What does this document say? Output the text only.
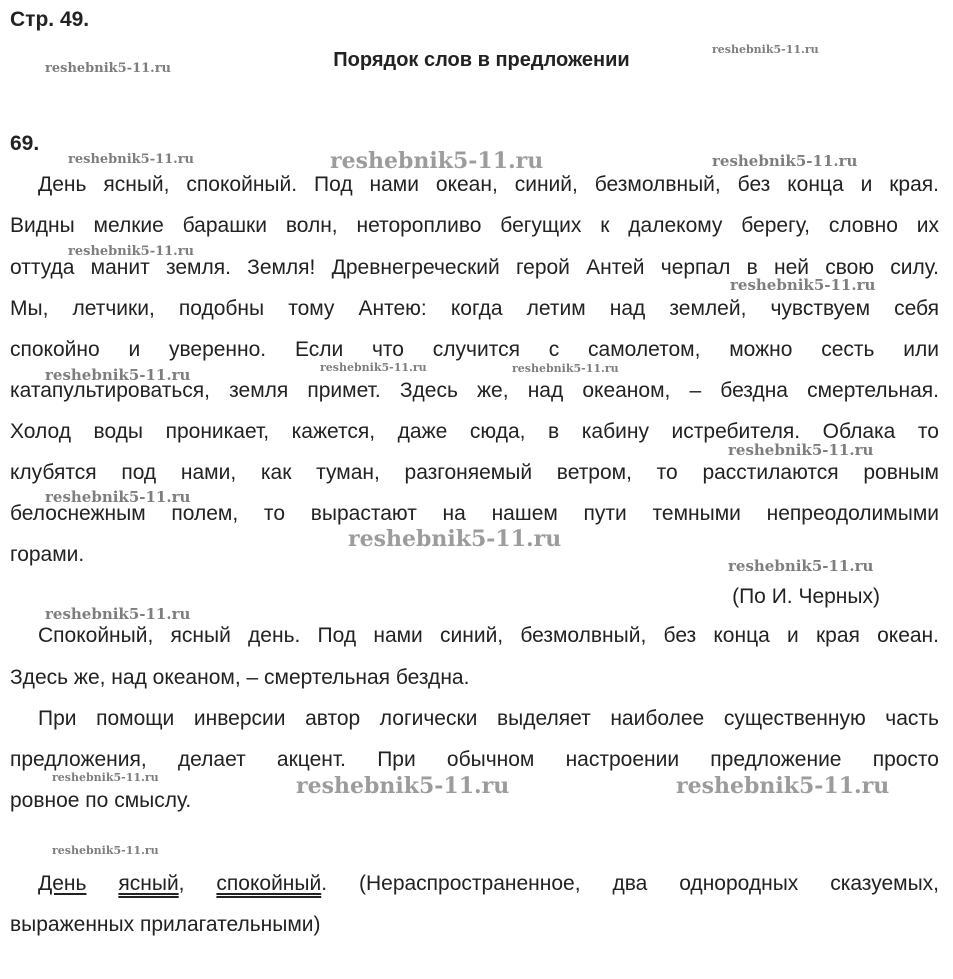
Стр. 49.

Порядок слов в предложении

69.

День ясный, спокойный. Под нами океан, синий, безмолвный, без конца и края.

Видны мелкие барашки волн, неторопливо бегущих к далекому берегу, словно их

оттуда манит земля. Земля! Древнегреческий герой Антей черпал в ней свою силу.

Мы, летчики, подобны тому Антею: когда летим над землей, чувствуем себя

спокойно и уверенно. Если что случится с самолетом, можно сесть или

катапультироваться, земля примет. Здесь же, над океаном, – бездна смертельная.

Холод воды проникает, кажется, даже сюда, в кабину истребителя. Облака то

клубятся под нами, как туман, разгоняемый ветром, то расстилаются ровным

белоснежным полем, то вырастают на нашем пути темными непреодолимыми

горами.

(По И. Черных)

Спокойный, ясный день. Под нами синий, безмолвный, без конца и края океан.

Здесь же, над океаном, – смертельная бездна.

При помощи инверсии автор логически выделяет наиболее существенную часть

предложения, делает акцент. При обычном настроении предложение просто

ровное по смыслу.

День ясный, спокойный. (Нераспространенное, два однородных сказуемых,

выраженных прилагательными)

reshebnik5-11.ru
reshebnik5-11.ru
reshebnik5-11.ru	reshebnik5-11.ru	reshebnik5-11.ru
reshebnik5-11.ru
reshebnik5-11.ru
reshebnik5-11.ru	reshebnik5-11.ru	reshebnik5-11.ru
reshebnik5-11.ru
reshebnik5-11.ru
reshebnik5-11.ru
reshebnik5-11.ru
reshebnik5-11.ru
reshebnik5-11.ru	reshebnik5-11.ru	reshebnik5-11.ru
reshebnik5-11.ru
